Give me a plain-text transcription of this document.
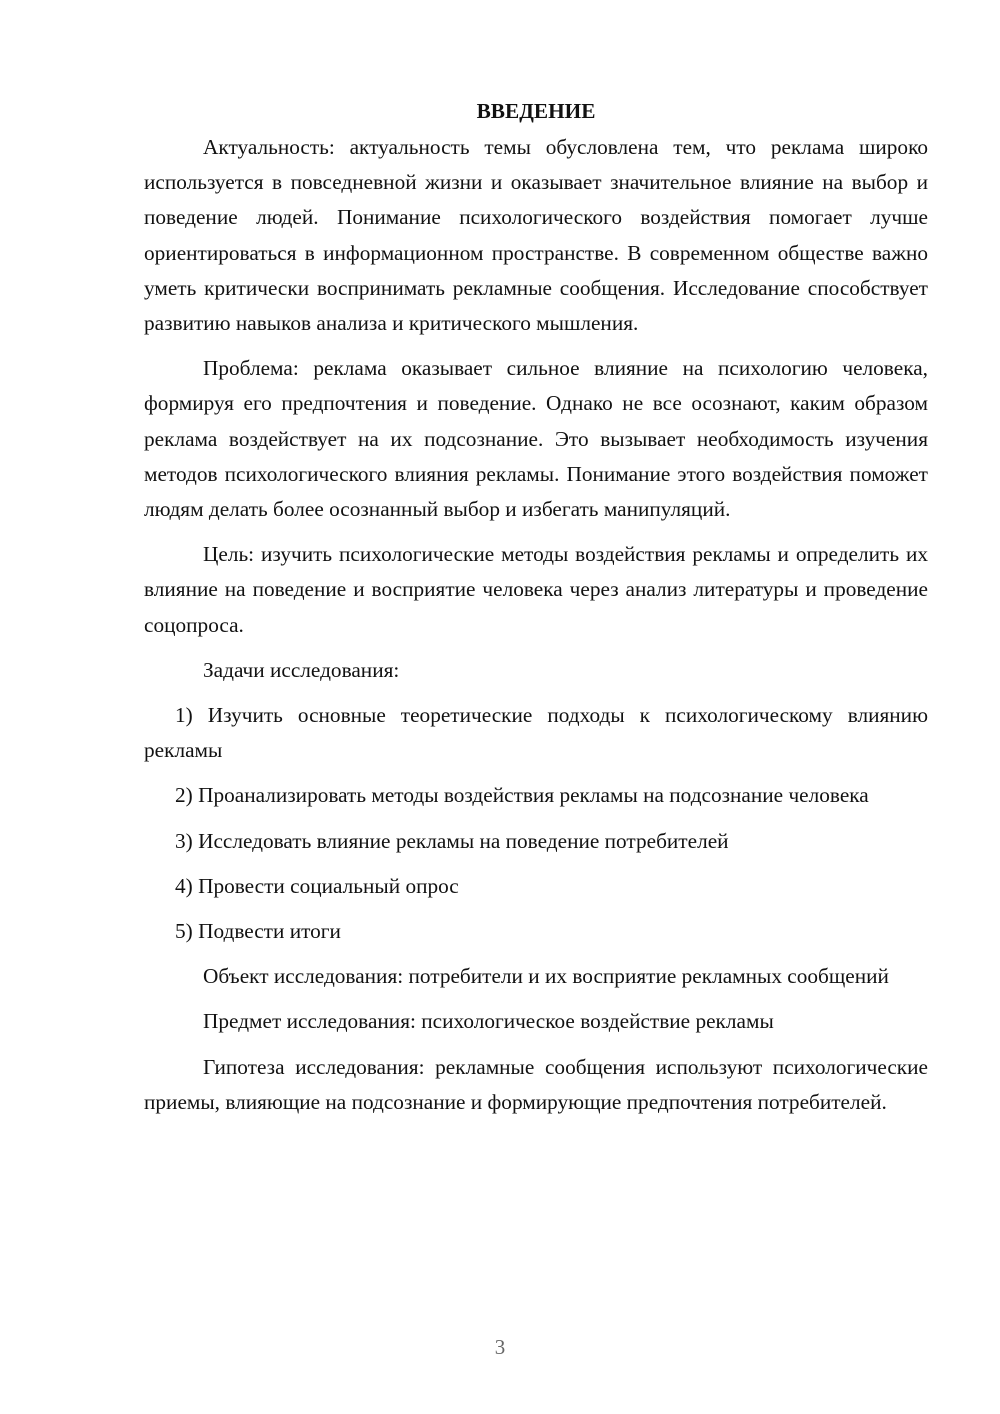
ВВЕДЕНИЕ

Актуальность: актуальность темы обусловлена тем, что реклама широко используется в повседневной жизни и оказывает значительное влияние на выбор и поведение людей. Понимание психологического воздействия помогает лучше ориентироваться в информационном пространстве. В современном обществе важно уметь критически воспринимать рекламные сообщения. Исследование способствует развитию навыков анализа и критического мышления.

Проблема: реклама оказывает сильное влияние на психологию человека, формируя его предпочтения и поведение. Однако не все осознают, каким образом реклама воздействует на их подсознание. Это вызывает необходимость изучения методов психологического влияния рекламы. Понимание этого воздействия поможет людям делать более осознанный выбор и избегать манипуляций.

Цель: изучить психологические методы воздействия рекламы и определить их влияние на поведение и восприятие человека через анализ литературы и проведение соцопроса.

Задачи исследования:

1) Изучить основные теоретические подходы к психологическому влиянию рекламы

2) Проанализировать методы воздействия рекламы на подсознание человека

3) Исследовать влияние рекламы на поведение потребителей

4) Провести социальный опрос

5) Подвести итоги

Объект исследования: потребители и их восприятие рекламных сообщений

Предмет исследования: психологическое воздействие рекламы

Гипотеза исследования: рекламные сообщения используют психологические приемы, влияющие на подсознание и формирующие предпочтения потребителей.

3
